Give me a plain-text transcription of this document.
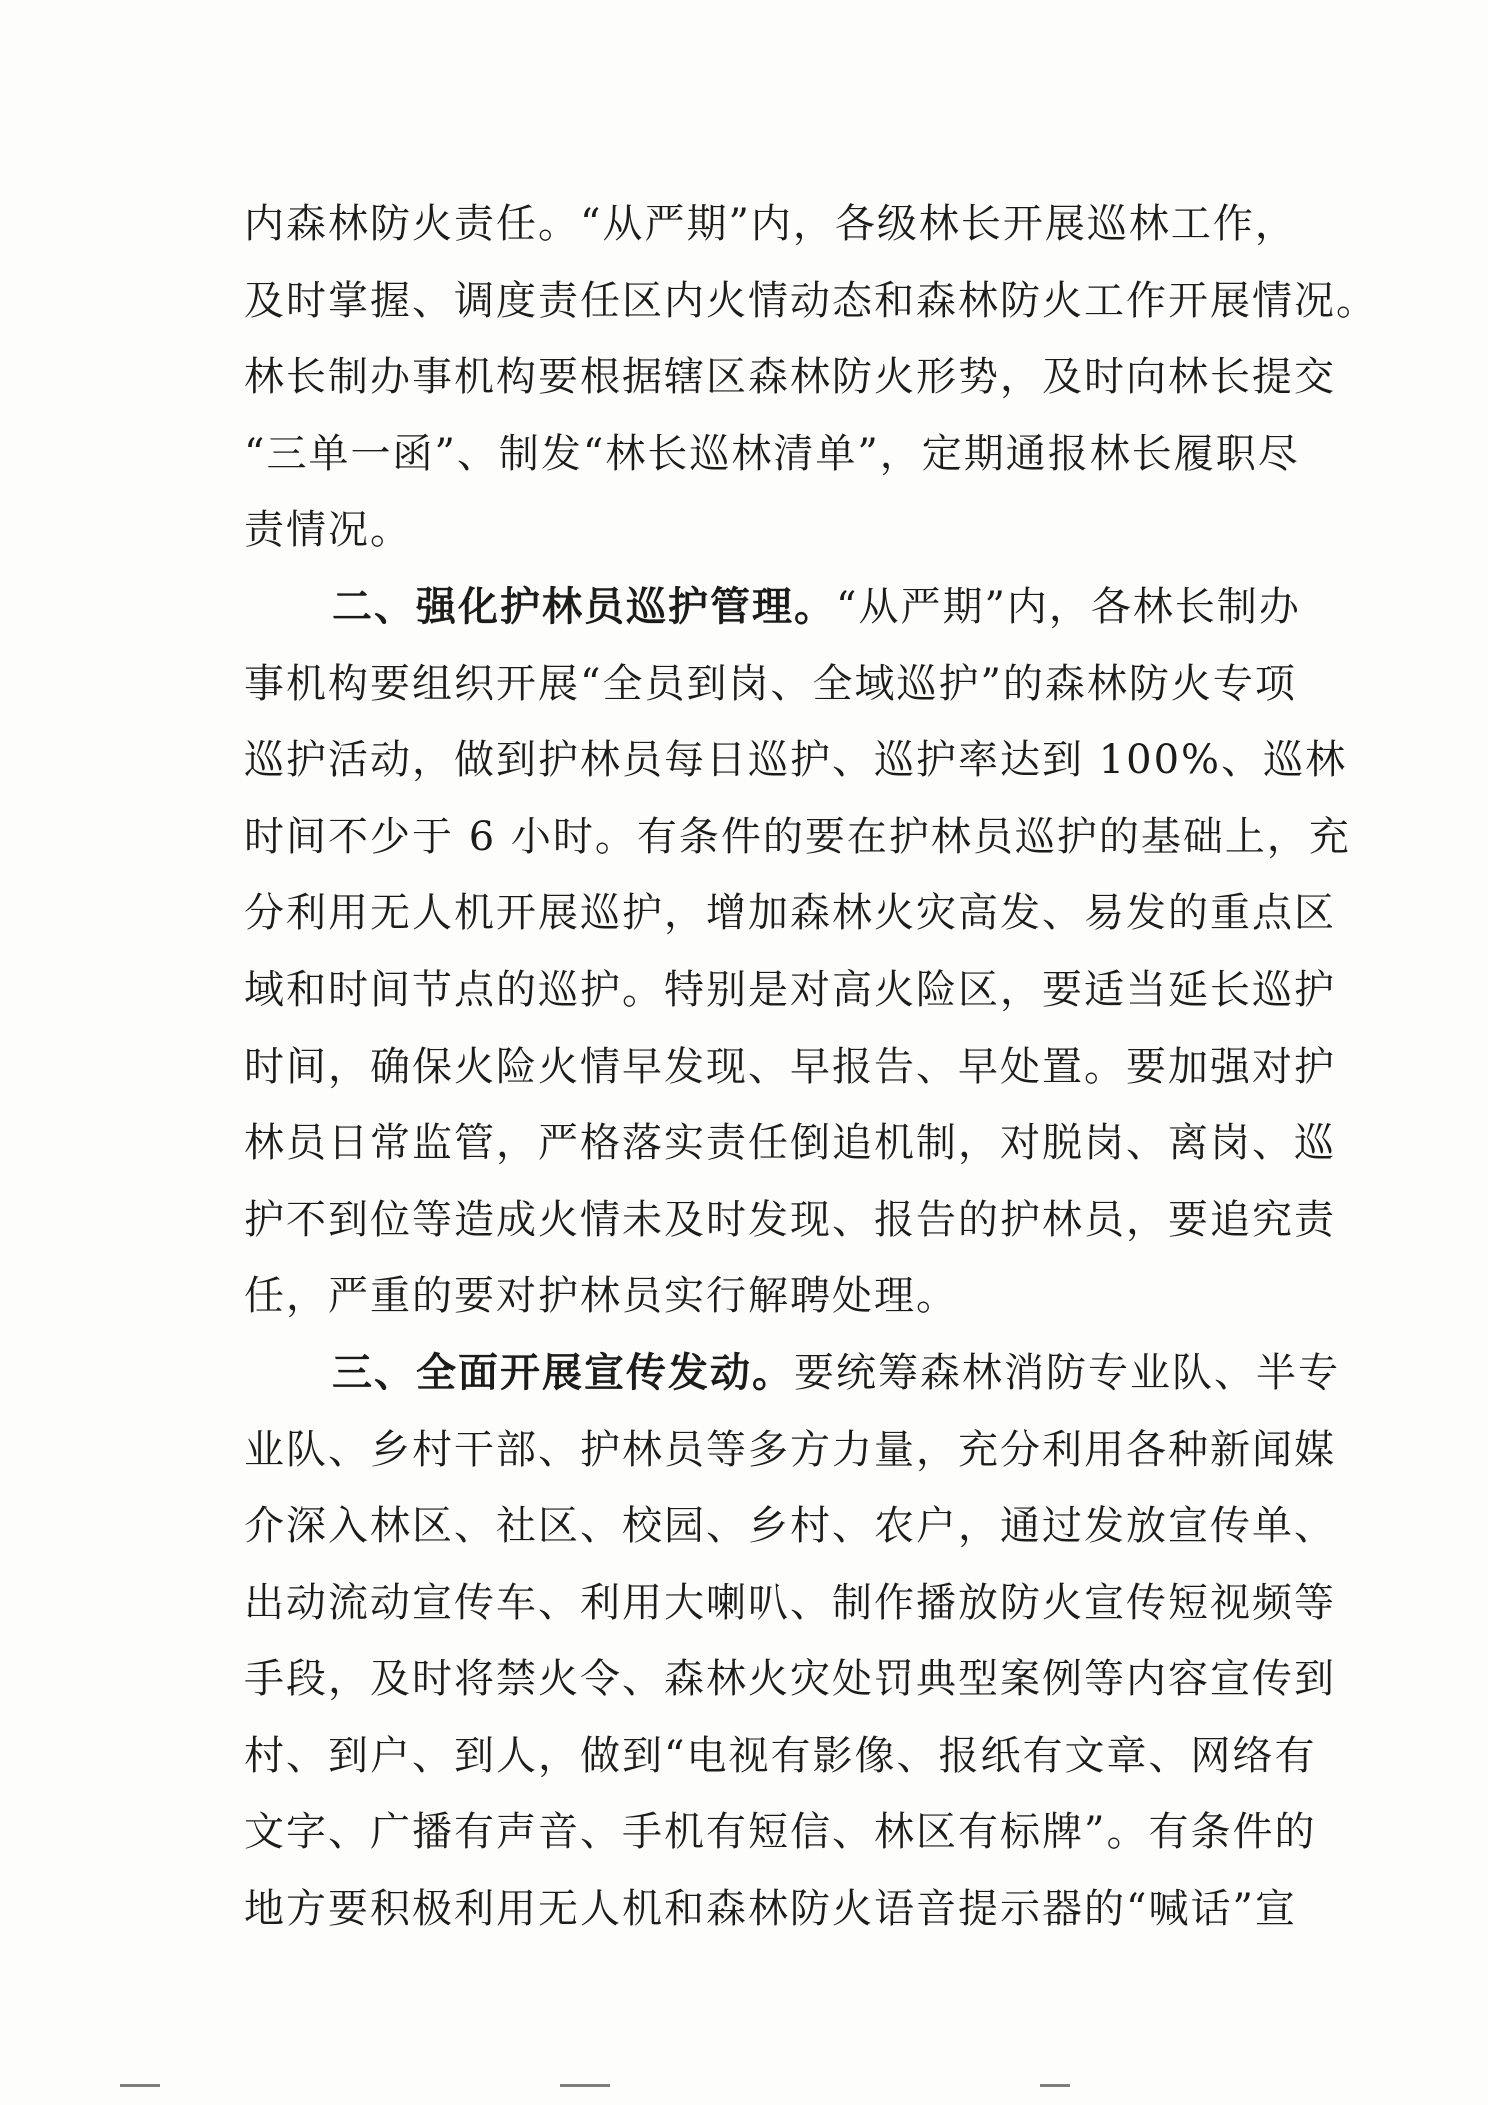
内森林防火责任。“从严期”内，各级林长开展巡林工作，
及时掌握、调度责任区内火情动态和森林防火工作开展情况。
林长制办事机构要根据辖区森林防火形势，及时向林长提交
“三单一函”、制发“林长巡林清单”，定期通报林长履职尽
责情况。
二、强化护林员巡护管理。“从严期”内，各林长制办
事机构要组织开展“全员到岗、全域巡护”的森林防火专项
巡护活动，做到护林员每日巡护、巡护率达到 100%、巡林
时间不少于 6 小时。有条件的要在护林员巡护的基础上，充
分利用无人机开展巡护，增加森林火灾高发、易发的重点区
域和时间节点的巡护。特别是对高火险区，要适当延长巡护
时间，确保火险火情早发现、早报告、早处置。要加强对护
林员日常监管，严格落实责任倒追机制，对脱岗、离岗、巡
护不到位等造成火情未及时发现、报告的护林员，要追究责
任，严重的要对护林员实行解聘处理。
三、全面开展宣传发动。要统筹森林消防专业队、半专
业队、乡村干部、护林员等多方力量，充分利用各种新闻媒
介深入林区、社区、校园、乡村、农户，通过发放宣传单、
出动流动宣传车、利用大喇叭、制作播放防火宣传短视频等
手段，及时将禁火令、森林火灾处罚典型案例等内容宣传到
村、到户、到人，做到“电视有影像、报纸有文章、网络有
文字、广播有声音、手机有短信、林区有标牌”。有条件的
地方要积极利用无人机和森林防火语音提示器的“喊话”宣
